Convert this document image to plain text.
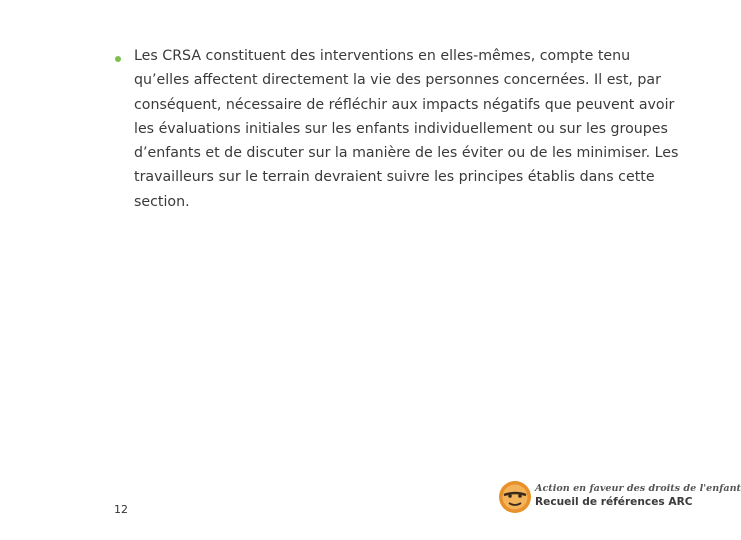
Les CRSA constituent des interventions en elles-mêmes, compte tenu qu’elles affectent directement la vie des personnes concernées. Il est, par conséquent, nécessaire de réfléchir aux impacts négatifs que peuvent avoir les évaluations initiales sur les enfants individuellement ou sur les groupes d’enfants et de discuter sur la manière de les éviter ou de les minimiser. Les travailleurs sur le terrain devraient suivre les principes établis dans cette section.

12
Action en faveur des droits de l'enfant
Recueil de références ARC
